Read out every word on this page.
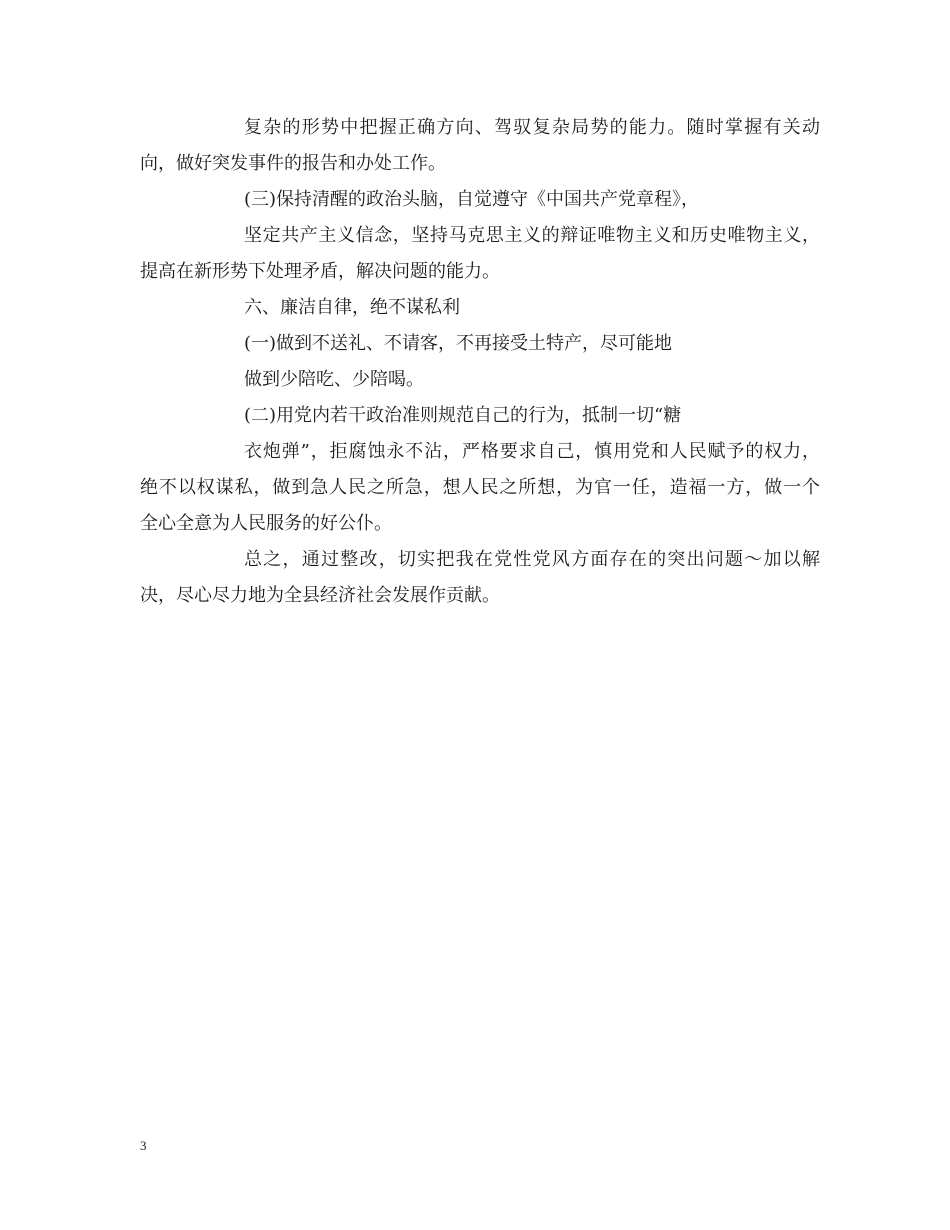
复杂的形势中把握正确方向、驾驭复杂局势的能力。随时掌握有关动
向，做好突发事件的报告和办处工作。
(三)保持清醒的政治头脑，自觉遵守《中国共产党章程》，
坚定共产主义信念，坚持马克思主义的辩证唯物主义和历史唯物主义，
提高在新形势下处理矛盾，解决问题的能力。
六、廉洁自律，绝不谋私利
(一)做到不送礼、不请客，不再接受土特产，尽可能地
做到少陪吃、少陪喝。
(二)用党内若干政治准则规范自己的行为，抵制一切“糖
衣炮弹”，拒腐蚀永不沾，严格要求自己，慎用党和人民赋予的权力，
绝不以权谋私，做到急人民之所急，想人民之所想，为官一任，造福一方，做一个
全心全意为人民服务的好公仆。
总之，通过整改，切实把我在党性党风方面存在的突出问题～加以解
决，尽心尽力地为全县经济社会发展作贡献。
3
